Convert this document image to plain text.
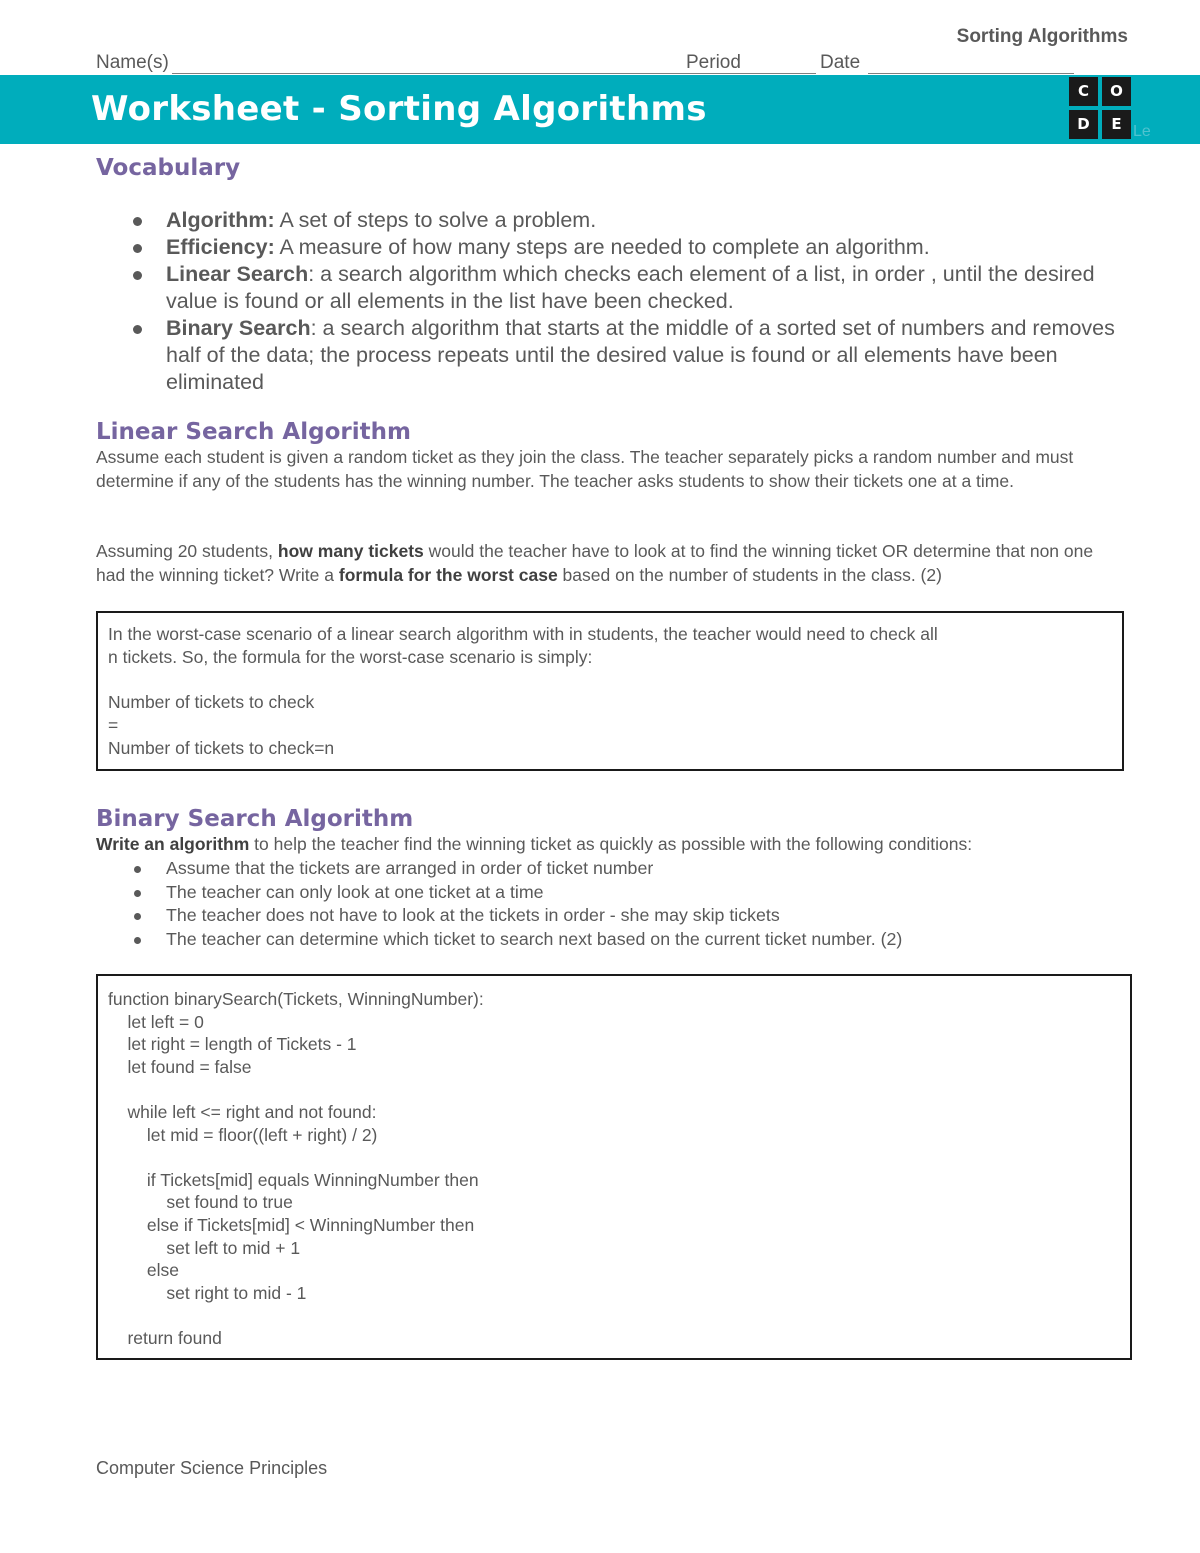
Sorting Algorithms
Name(s)	Period	Date
Worksheet - Sorting Algorithms	C	O
D	E Le
Vocabulary
Algorithm: A set of steps to solve a problem.
Efficiency: A measure of how many steps are needed to complete an algorithm.
Linear Search: a search algorithm which checks each element of a list, in order , until the desired value is found or all elements in the list have been checked.
Binary Search: a search algorithm that starts at the middle of a sorted set of numbers and removes half of the data; the process repeats until the desired value is found or all elements have been eliminated
Linear Search Algorithm
Assume each student is given a random ticket as they join the class. The teacher separately picks a random number and must determine if any of the students has the winning number. The teacher asks students to show their tickets one at a time.
Assuming 20 students, how many tickets would the teacher have to look at to find the winning ticket OR determine that non one had the winning ticket? Write a formula for the worst case based on the number of students in the class. (2)
In the worst-case scenario of a linear search algorithm with in students, the teacher would need to check all
n tickets. So, the formula for the worst-case scenario is simply:

Number of tickets to check
=
Number of tickets to check=n
Binary Search Algorithm
Write an algorithm to help the teacher find the winning ticket as quickly as possible with the following conditions:
Assume that the tickets are arranged in order of ticket number
The teacher can only look at one ticket at a time
The teacher does not have to look at the tickets in order - she may skip tickets
The teacher can determine which ticket to search next based on the current ticket number. (2)
function binarySearch(Tickets, WinningNumber):
let left = 0
let right = length of Tickets - 1
let found = false

while left <= right and not found:
let mid = floor((left + right) / 2)

if Tickets[mid] equals WinningNumber then
set found to true
else if Tickets[mid] < WinningNumber then
set left to mid + 1
else
set right to mid - 1

return found
Computer Science Principles
